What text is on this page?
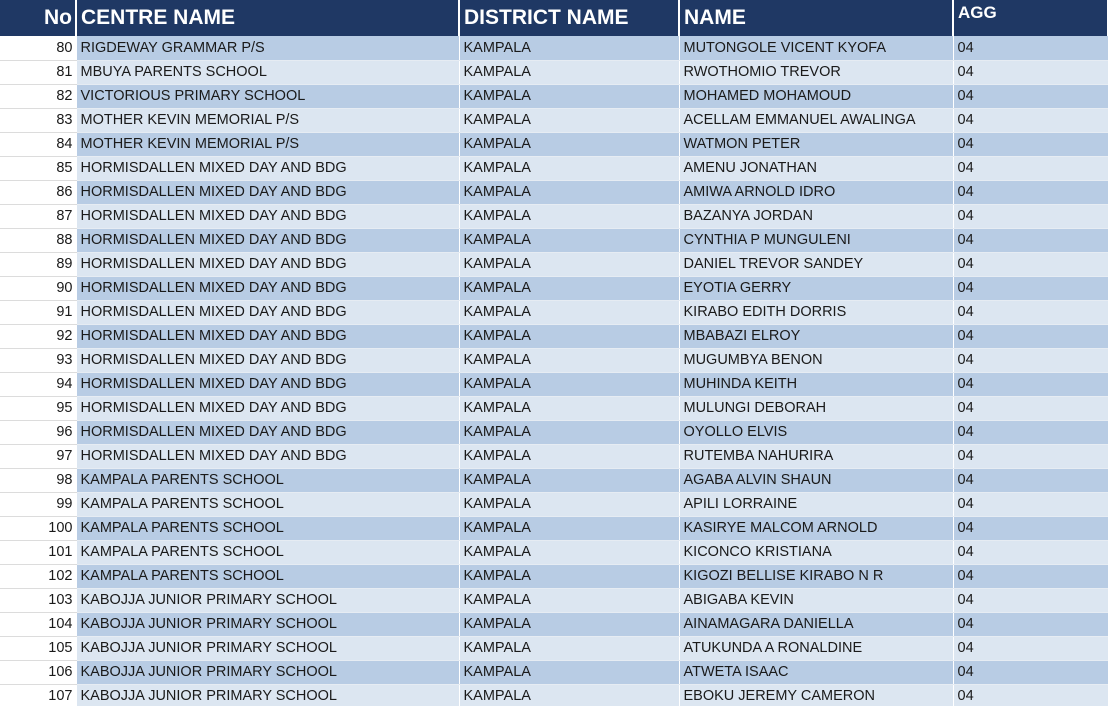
No	CENTRE NAME	DISTRICT NAME	NAME	AGG
80	RIGDEWAY GRAMMAR P/S	KAMPALA	MUTONGOLE VICENT KYOFA	04
81	MBUYA PARENTS SCHOOL	KAMPALA	RWOTHOMIO TREVOR	04
82	VICTORIOUS PRIMARY SCHOOL	KAMPALA	MOHAMED MOHAMOUD	04
83	MOTHER KEVIN MEMORIAL P/S	KAMPALA	ACELLAM EMMANUEL AWALINGA	04
84	MOTHER KEVIN MEMORIAL P/S	KAMPALA	WATMON PETER	04
85	HORMISDALLEN MIXED DAY AND BDG	KAMPALA	AMENU JONATHAN	04
86	HORMISDALLEN MIXED DAY AND BDG	KAMPALA	AMIWA ARNOLD IDRO	04
87	HORMISDALLEN MIXED DAY AND BDG	KAMPALA	BAZANYA JORDAN	04
88	HORMISDALLEN MIXED DAY AND BDG	KAMPALA	CYNTHIA P MUNGULENI	04
89	HORMISDALLEN MIXED DAY AND BDG	KAMPALA	DANIEL TREVOR SANDEY	04
90	HORMISDALLEN MIXED DAY AND BDG	KAMPALA	EYOTIA GERRY	04
91	HORMISDALLEN MIXED DAY AND BDG	KAMPALA	KIRABO EDITH DORRIS	04
92	HORMISDALLEN MIXED DAY AND BDG	KAMPALA	MBABAZI ELROY	04
93	HORMISDALLEN MIXED DAY AND BDG	KAMPALA	MUGUMBYA BENON	04
94	HORMISDALLEN MIXED DAY AND BDG	KAMPALA	MUHINDA KEITH	04
95	HORMISDALLEN MIXED DAY AND BDG	KAMPALA	MULUNGI DEBORAH	04
96	HORMISDALLEN MIXED DAY AND BDG	KAMPALA	OYOLLO ELVIS	04
97	HORMISDALLEN MIXED DAY AND BDG	KAMPALA	RUTEMBA NAHURIRA	04
98	KAMPALA PARENTS SCHOOL	KAMPALA	AGABA ALVIN SHAUN	04
99	KAMPALA PARENTS SCHOOL	KAMPALA	APILI LORRAINE	04
100	KAMPALA PARENTS SCHOOL	KAMPALA	KASIRYE MALCOM ARNOLD	04
101	KAMPALA PARENTS SCHOOL	KAMPALA	KICONCO KRISTIANA	04
102	KAMPALA PARENTS SCHOOL	KAMPALA	KIGOZI BELLISE KIRABO N R	04
103	KABOJJA JUNIOR PRIMARY SCHOOL	KAMPALA	ABIGABA KEVIN	04
104	KABOJJA JUNIOR PRIMARY SCHOOL	KAMPALA	AINAMAGARA DANIELLA	04
105	KABOJJA JUNIOR PRIMARY SCHOOL	KAMPALA	ATUKUNDA A RONALDINE	04
106	KABOJJA JUNIOR PRIMARY SCHOOL	KAMPALA	ATWETA ISAAC	04
107	KABOJJA JUNIOR PRIMARY SCHOOL	KAMPALA	EBOKU JEREMY CAMERON	04
